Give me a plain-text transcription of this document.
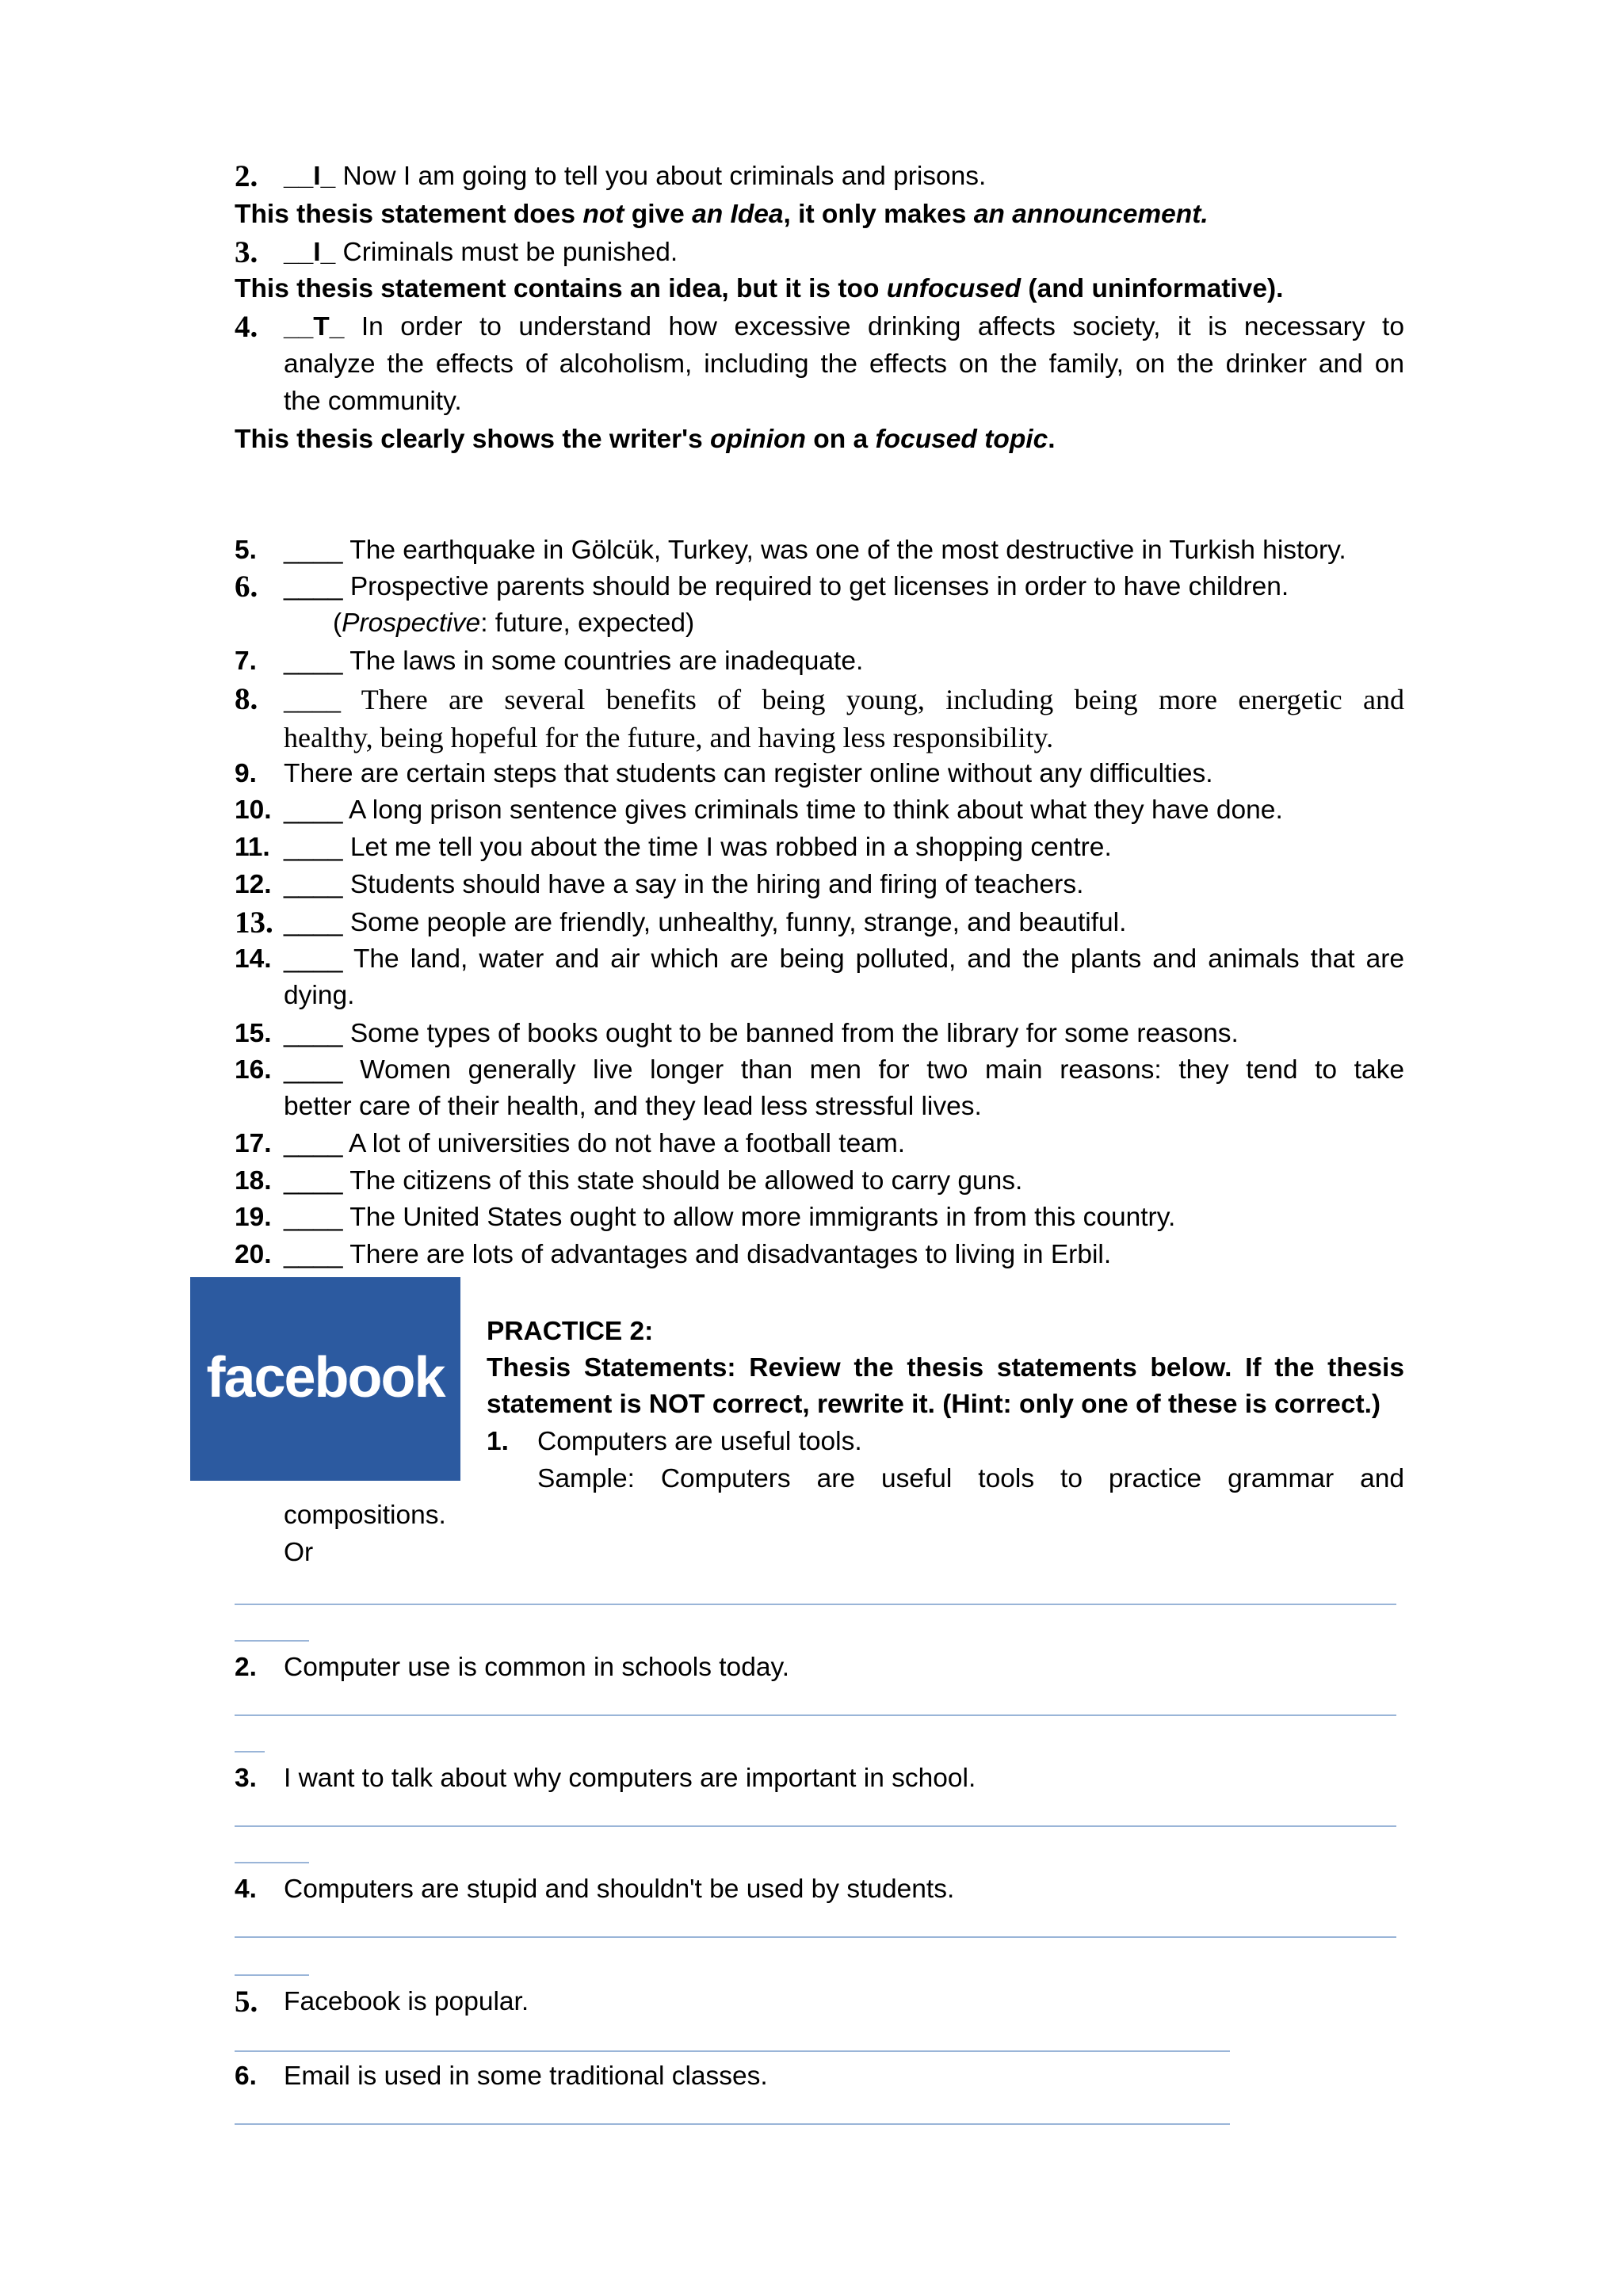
2. __I_ Now I am going to tell you about criminals and prisons.
This thesis statement does not give an Idea, it only makes an announcement.
3. __I_ Criminals must be punished.
This thesis statement contains an idea, but it is too unfocused (and uninformative).
4. __T_ In order to understand how excessive drinking affects society, it is necessary to
analyze the effects of alcoholism, including the effects on the family, on the drinker and on
the community.
This thesis clearly shows the writer's opinion on a focused topic.
5. ____ The earthquake in Gölcük, Turkey, was one of the most destructive in Turkish history.
6. ____ Prospective parents should be required to get licenses in order to have children.
(Prospective: future, expected)
7. ____ The laws in some countries are inadequate.
8. ____ There are several benefits of being young, including being more energetic and
healthy, being hopeful for the future, and having less responsibility.
9. There are certain steps that students can register online without any difficulties.
10. ____ A long prison sentence gives criminals time to think about what they have done.
11. ____ Let me tell you about the time I was robbed in a shopping centre.
12. ____ Students should have a say in the hiring and firing of teachers.
13. ____ Some people are friendly, unhealthy, funny, strange, and beautiful.
14. ____ The land, water and air which are being polluted, and the plants and animals that are
dying.
15. ____ Some types of books ought to be banned from the library for some reasons.
16. ____ Women generally live longer than men for two main reasons: they tend to take
better care of their health, and they lead less stressful lives.
17. ____ A lot of universities do not have a football team.
18. ____ The citizens of this state should be allowed to carry guns.
19. ____ The United States ought to allow more immigrants in from this country.
20. ____ There are lots of advantages and disadvantages to living in Erbil.
facebook
PRACTICE 2:
Thesis Statements: Review the thesis statements below. If the thesis
statement is NOT correct, rewrite it. (Hint: only one of these is correct.)
1. Computers are useful tools.
Sample: Computers are useful tools to practice grammar and
compositions.
Or
2. Computer use is common in schools today.
3. I want to talk about why computers are important in school.
4. Computers are stupid and shouldn't be used by students.
5. Facebook is popular.
6. Email is used in some traditional classes.
